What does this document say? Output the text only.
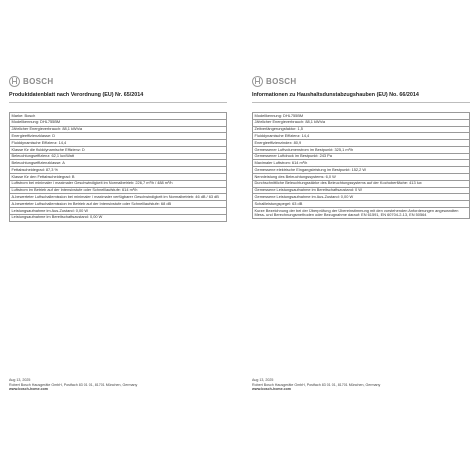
BOSCH
Produktdatenblatt nach Verordnung (EU) Nr. 65/2014
Marke: Bosch
Modellkennung: DHL755BM
Jährlicher Energieverbrauch: 88,1 kWh/a
Energieeffizienzklasse: D
Fluiddynamische Effizienz: 14,4
Klasse für die fluiddynamische Effizienz: D
Beleuchtungseffizienz: 62,1 lux/Watt
Beleuchtungseffizienzklasse: A
Fettabscheidegrad: 87,3 %
Klasse für den Fettabscheidegrad: B
Luftstrom bei minimaler / maximaler Geschwindigkeit im Normalbetrieb: 226,7 m³/h / 488 m³/h
Luftstrom im Betrieb auf der Intensivstufe oder Schnelllaufstufe: 614 m³/h
A-bewerteter Luftschallemission bei minimaler / maximaler verfügbarer Geschwindigkeit im Normalbetrieb: 46 dB / 63 dB
A-bewerteter Luftschallemission im Betrieb auf der Intensivstufe oder Schnelllaufstufe: 68 dB
Leistungsaufnahme im Aus-Zustand: 0,00 W
Leistungsaufnahme im Bereitschaftszustand: 0,00 W
Aug 13, 2025
Robert Bosch Hausgeräte GmbH, Postfach 83 01 01, 81701 München, Germany
www.bosch-home.com
BOSCH
Informationen zu Haushaltsdunstabzugshauben (EU) No. 66/2014
Modellkennung: DHL755BM
Jährlicher Energieverbrauch: 88,1 kWh/a
Zeitverlängerungsfaktor: 1,5
Fluiddynamische Effizienz: 14,4
Energieeffizienzindex: 80,9
Gemessener Luftvolumenstrom im Bestpunkt: 325,1 m³/h
Gemessener Luftdruck im Bestpunkt: 243 Pa
Maximaler Luftstrom: 614 m³/h
Gemessene elektrische Eingangsleistung im Bestpunkt: 152,2 W
Nennleistung des Beleuchtungssystems: 6,0 W
Durchschnittliche Beleuchtungsstärke des Beleuchtungssystems auf der Kochoberfläche: 413 lux
Gemessene Leistungsaufnahme im Bereitschaftszustand: 0 W
Gemessene Leistungsaufnahme im Aus-Zustand: 0,00 W
Schallleistungspegel: 63 dB
Kurze Bezeichnung der bei der Überprüfung der Übereinstimmung mit den vorstehenden Anforderungen angewandten Mess- und Berechnungsmethoden oder Bezugnahme darauf: EN 61591, EN 60704-2-13, EN 50564
Aug 13, 2025
Robert Bosch Hausgeräte GmbH, Postfach 83 01 01, 81701 München, Germany
www.bosch-home.com
